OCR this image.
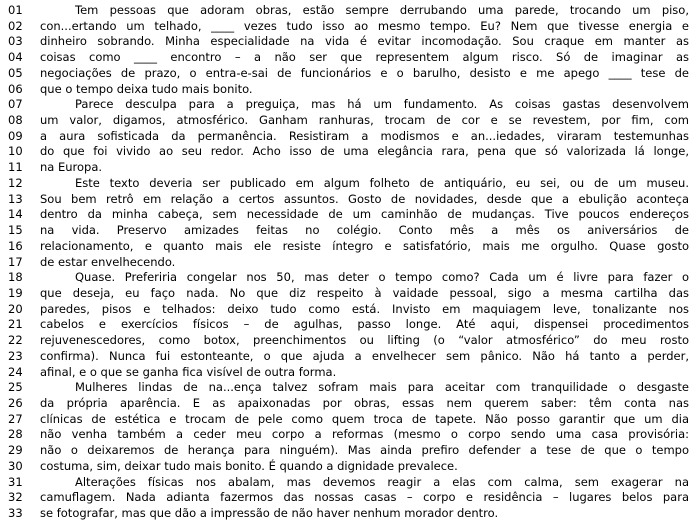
01	Tem pessoas que adoram obras, estão sempre derrubando uma parede, trocando um piso,
02	con...ertando um telhado, ____ vezes tudo isso ao mesmo tempo. Eu? Nem que tivesse energia e
03	dinheiro sobrando. Minha especialidade na vida é evitar incomodação. Sou craque em manter as
04	coisas como ____ encontro – a não ser que representem algum risco. Só de imaginar as
05	negociações de prazo, o entra-e-sai de funcionários e o barulho, desisto e me apego ____ tese de
06	que o tempo deixa tudo mais bonito.
07	Parece desculpa para a preguiça, mas há um fundamento. As coisas gastas desenvolvem
08	um valor, digamos, atmosférico. Ganham ranhuras, trocam de cor e se revestem, por fim, com
09	a aura sofisticada da permanência. Resistiram a modismos e an...iedades, viraram testemunhas
10	do que foi vivido ao seu redor. Acho isso de uma elegância rara, pena que só valorizada lá longe,
11	na Europa.
12	Este texto deveria ser publicado em algum folheto de antiquário, eu sei, ou de um museu.
13	Sou bem retrô em relação a certos assuntos. Gosto de novidades, desde que a ebulição aconteça
14	dentro da minha cabeça, sem necessidade de um caminhão de mudanças. Tive poucos endereços
15	na vida. Preservo amizades feitas no colégio. Conto mês a mês os aniversários de
16	relacionamento, e quanto mais ele resiste íntegro e satisfatório, mais me orgulho. Quase gosto
17	de estar envelhecendo.
18	Quase. Preferiria congelar nos 50, mas deter o tempo como? Cada um é livre para fazer o
19	que deseja, eu faço nada. No que diz respeito à vaidade pessoal, sigo a mesma cartilha das
20	paredes, pisos e telhados: deixo tudo como está. Invisto em maquiagem leve, tonalizante nos
21	cabelos e exercícios físicos – de agulhas, passo longe. Até aqui, dispensei procedimentos
22	rejuvenescedores, como botox, preenchimentos ou lifting (o “valor atmosférico” do meu rosto
23	confirma). Nunca fui estonteante, o que ajuda a envelhecer sem pânico. Não há tanto a perder,
24	afinal, e o que se ganha fica visível de outra forma.
25	Mulheres lindas de na...ença talvez sofram mais para aceitar com tranquilidade o desgaste
26	da própria aparência. E as apaixonadas por obras, essas nem querem saber: têm conta nas
27	clínicas de estética e trocam de pele como quem troca de tapete. Não posso garantir que um dia
28	não venha também a ceder meu corpo a reformas (mesmo o corpo sendo uma casa provisória:
29	não o deixaremos de herança para ninguém). Mas ainda prefiro defender a tese de que o tempo
30	costuma, sim, deixar tudo mais bonito. É quando a dignidade prevalece.
31	Alterações físicas nos abalam, mas devemos reagir a elas com calma, sem exagerar na
32	camuflagem. Nada adianta fazermos das nossas casas – corpo e residência – lugares belos para
33	se fotografar, mas que dão a impressão de não haver nenhum morador dentro.
